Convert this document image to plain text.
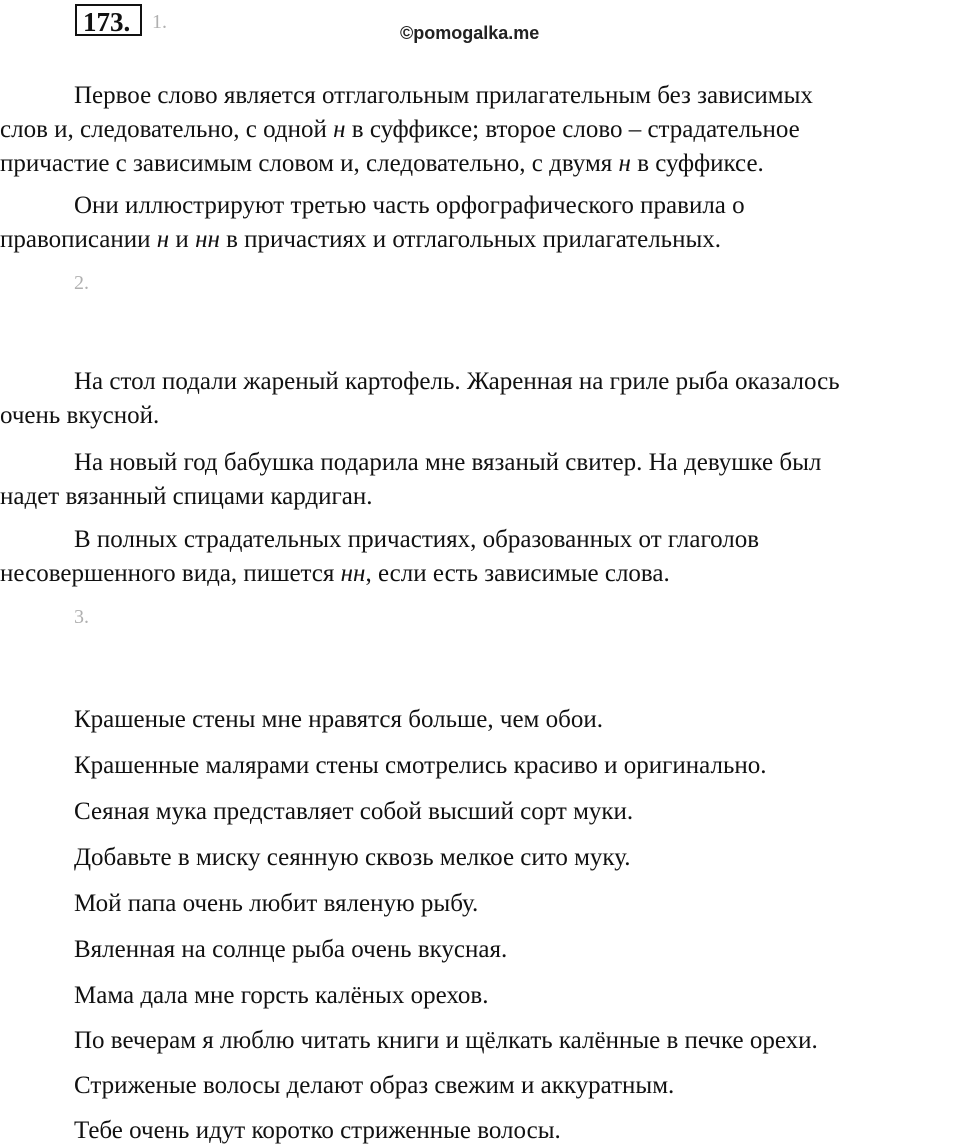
173.	1.	©pomogalka.me
Первое слово является отглагольным прилагательным без зависимых
слов и, следовательно, с одной н в суффиксе; второе слово – страдательное
причастие с зависимым словом и, следовательно, с двумя н в суффиксе.
Они иллюстрируют третью часть орфографического правила о
правописании н и нн в причастиях и отглагольных прилагательных.
2.
На стол подали жареный картофель. Жаренная на гриле рыба оказалось
очень вкусной.
На новый год бабушка подарила мне вязаный свитер. На девушке был
надет вязанный спицами кардиган.
В полных страдательных причастиях, образованных от глаголов
несовершенного вида, пишется нн, если есть зависимые слова.
3.

Крашеные стены мне нравятся больше, чем обои.

Крашенные малярами стены смотрелись красиво и оригинально.

Сеяная мука представляет собой высший сорт муки.

Добавьте в миску сеянную сквозь мелкое сито муку.

Мой папа очень любит вяленую рыбу.

Вяленная на солнце рыба очень вкусная.

Мама дала мне горсть калёных орехов.

По вечерам я люблю читать книги и щёлкать калённые в печке орехи.

Стриженые волосы делают образ свежим и аккуратным.

Тебе очень идут коротко стриженные волосы.
